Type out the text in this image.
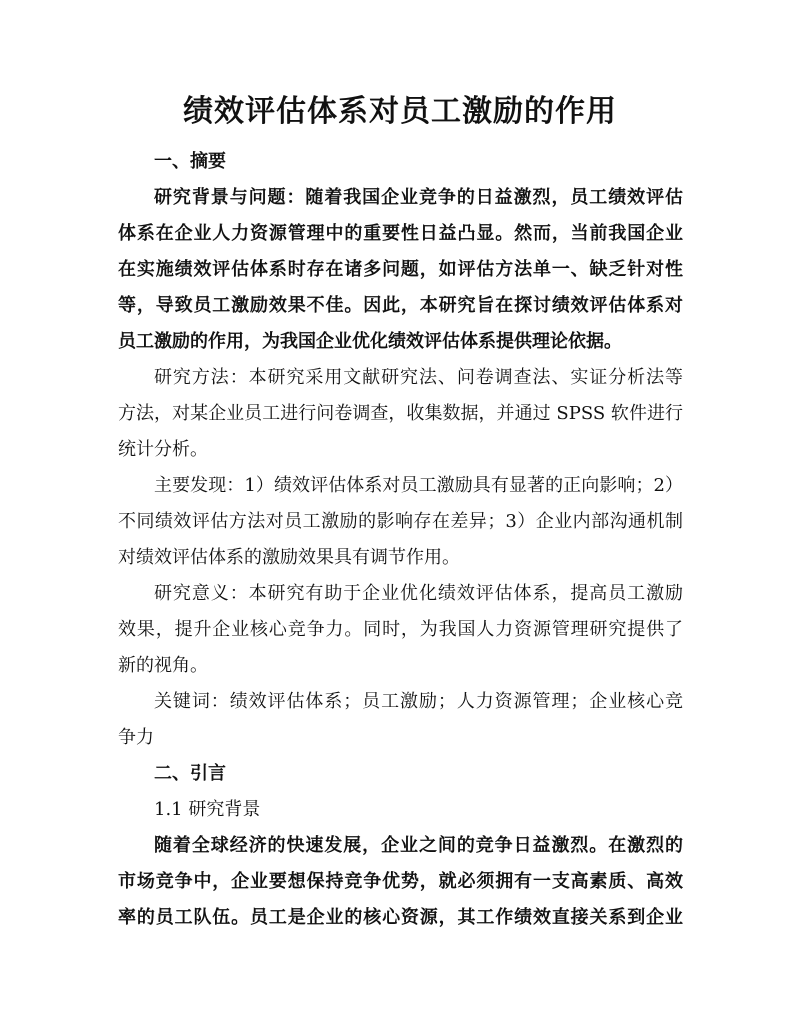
绩效评估体系对员工激励的作用
一、摘要
研究背景与问题：随着我国企业竞争的日益激烈，员工绩效评估
体系在企业人力资源管理中的重要性日益凸显。然而，当前我国企业
在实施绩效评估体系时存在诸多问题，如评估方法单一、缺乏针对性
等，导致员工激励效果不佳。因此，本研究旨在探讨绩效评估体系对
员工激励的作用，为我国企业优化绩效评估体系提供理论依据。
研究方法：本研究采用文献研究法、问卷调查法、实证分析法等
方法，对某企业员工进行问卷调查，收集数据，并通过 SPSS 软件进行
统计分析。
主要发现：1）绩效评估体系对员工激励具有显著的正向影响；2）
不同绩效评估方法对员工激励的影响存在差异；3）企业内部沟通机制
对绩效评估体系的激励效果具有调节作用。
研究意义：本研究有助于企业优化绩效评估体系，提高员工激励
效果，提升企业核心竞争力。同时，为我国人力资源管理研究提供了
新的视角。
关键词：绩效评估体系；员工激励；人力资源管理；企业核心竞
争力
二、引言
1.1 研究背景
随着全球经济的快速发展，企业之间的竞争日益激烈。在激烈的
市场竞争中，企业要想保持竞争优势，就必须拥有一支高素质、高效
率的员工队伍。员工是企业的核心资源，其工作绩效直接关系到企业
